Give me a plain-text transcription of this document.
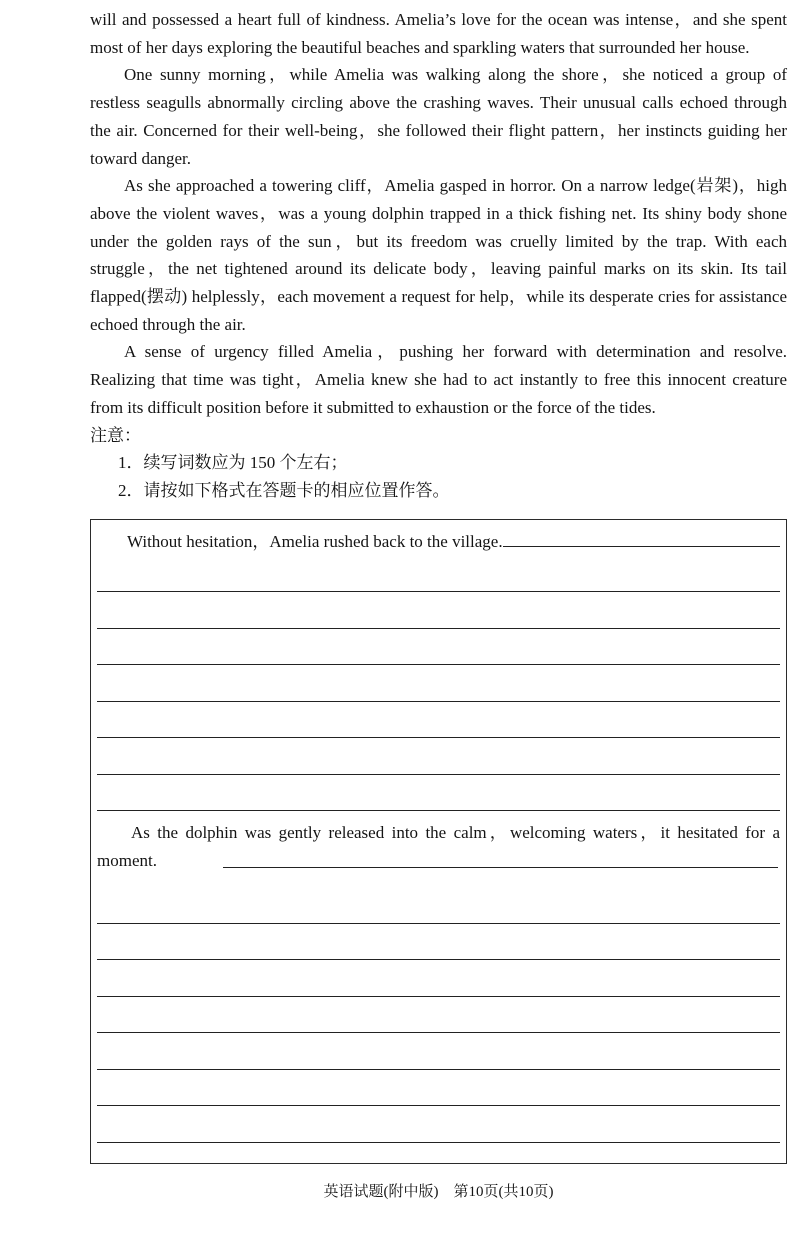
will and possessed a heart full of kindness. Amelia’s love for the ocean was intense，and she spent most of her days exploring the beautiful beaches and sparkling waters that surrounded her house.

One sunny morning，while Amelia was walking along the shore，she noticed a group of restless seagulls abnormally circling above the crashing waves. Their unusual calls echoed through the air. Concerned for their well-being，she followed their flight pattern，her instincts guiding her toward danger.

As she approached a towering cliff，Amelia gasped in horror. On a narrow ledge(岩架)，high above the violent waves，was a young dolphin trapped in a thick fishing net. Its shiny body shone under the golden rays of the sun，but its freedom was cruelly limited by the trap. With each struggle，the net tightened around its delicate body，leaving painful marks on its skin. Its tail flapped(摆动) helplessly，each movement a request for help，while its desperate cries for assistance echoed through the air.

A sense of urgency filled Amelia，pushing her forward with determination and resolve. Realizing that time was tight，Amelia knew she had to act instantly to free this innocent creature from its difficult position before it submitted to exhaustion or the force of the tides.

注意：

1．续写词数应为 150 个左右；

2．请按如下格式在答题卡的相应位置作答。

Without hesitation，Amelia rushed back to the village.
As the dolphin was gently released into the calm，welcoming waters，it hesitated for a moment.
英语试题(附中版)　第10页(共10页)
